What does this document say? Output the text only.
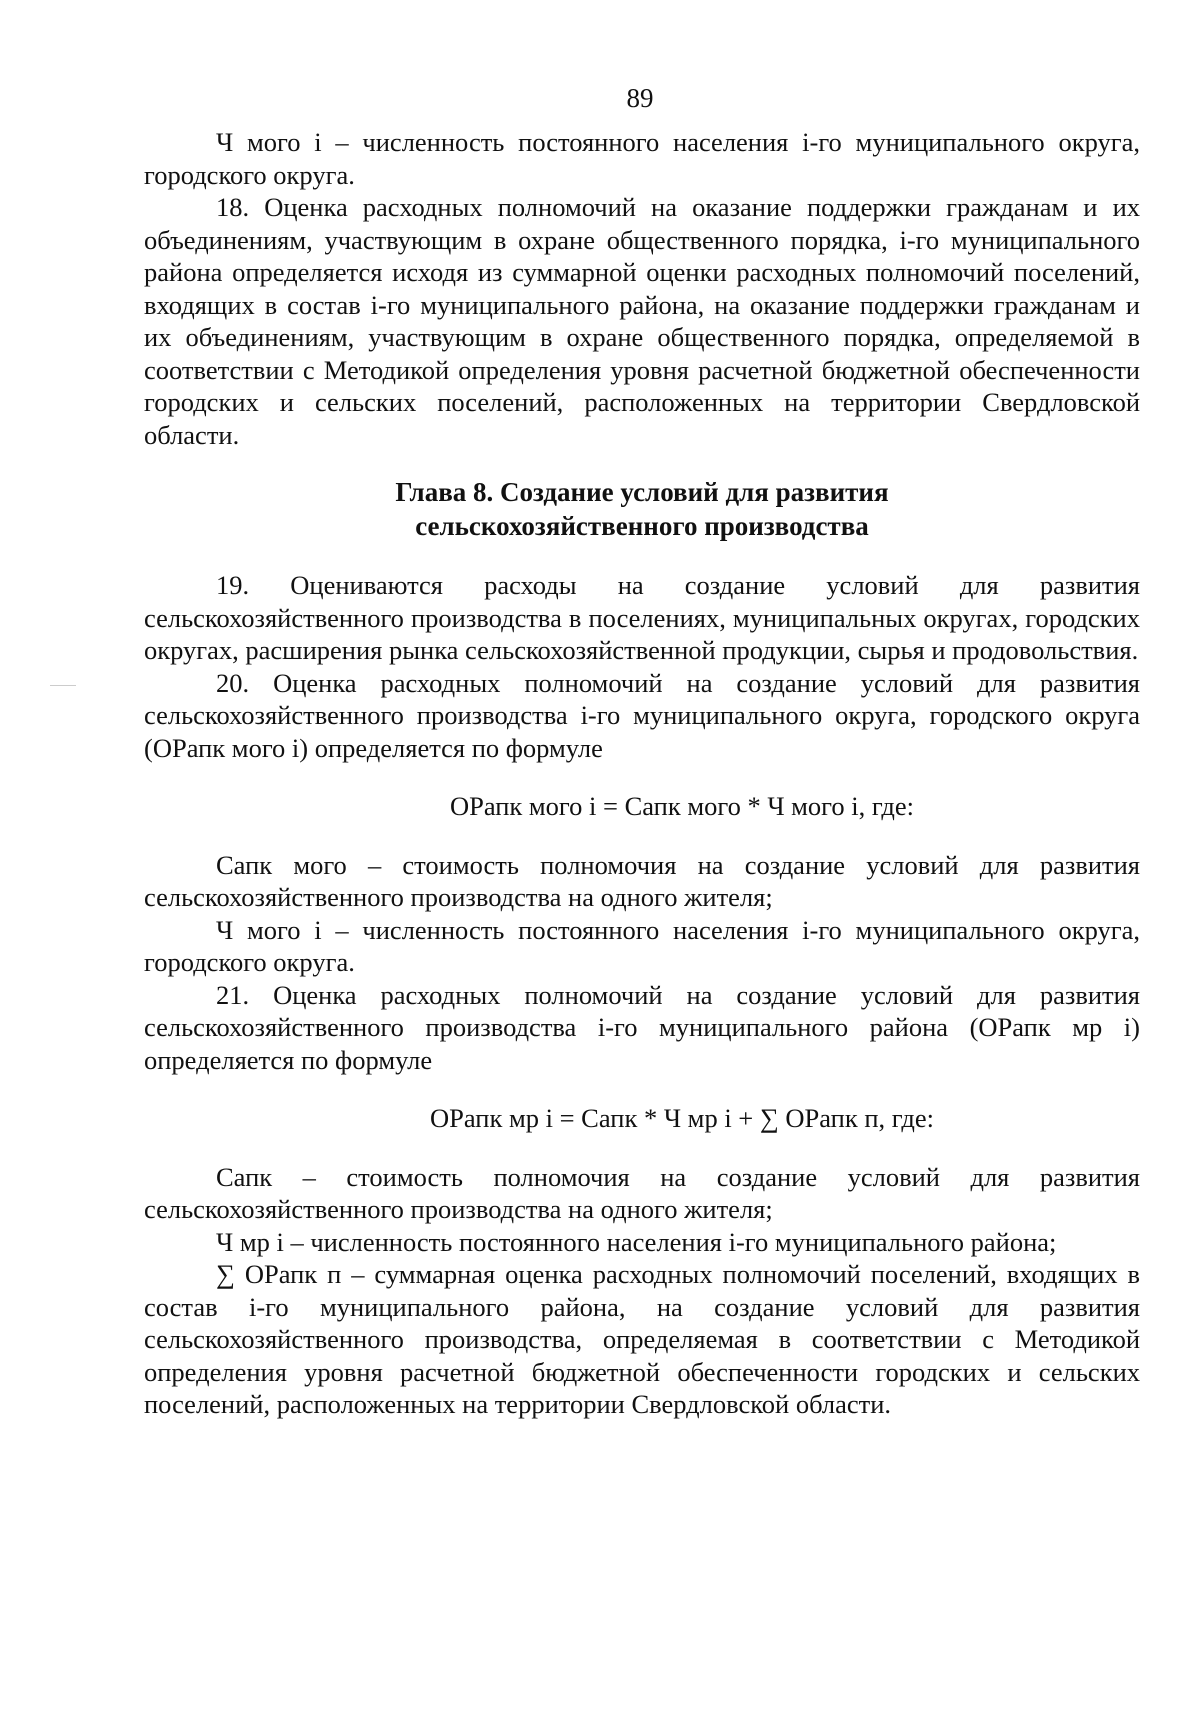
89

Ч мого i – численность постоянного населения i-го муниципального округа, городского округа.

18. Оценка расходных полномочий на оказание поддержки гражданам и их объединениям, участвующим в охране общественного порядка, i-го муниципального района определяется исходя из суммарной оценки расходных полномочий поселений, входящих в состав i-го муниципального района, на оказание поддержки гражданам и их объединениям, участвующим в охране общественного порядка, определяемой в соответствии с Методикой определения уровня расчетной бюджетной обеспеченности городских и сельских поселений, расположенных на территории Свердловской области.

Глава 8. Создание условий для развития
сельскохозяйственного производства

19. Оцениваются расходы на создание условий для развития сельскохозяйственного производства в поселениях, муниципальных округах, городских округах, расширения рынка сельскохозяйственной продукции, сырья и продовольствия.

20. Оценка расходных полномочий на создание условий для развития сельскохозяйственного производства i-го муниципального округа, городского округа (ОРапк мого i) определяется по формуле

ОРапк мого i = Сапк мого * Ч мого i, где:

Сапк мого – стоимость полномочия на создание условий для развития сельскохозяйственного производства на одного жителя;

Ч мого i – численность постоянного населения i-го муниципального округа, городского округа.

21. Оценка расходных полномочий на создание условий для развития сельскохозяйственного производства i-го муниципального района (ОРапк мр i) определяется по формуле

ОРапк мр i = Сапк * Ч мр i + ∑ ОРапк п, где:

Сапк – стоимость полномочия на создание условий для развития сельскохозяйственного производства на одного жителя;

Ч мр i – численность постоянного населения i-го муниципального района;

∑ ОРапк п – суммарная оценка расходных полномочий поселений, входящих в состав i-го муниципального района, на создание условий для развития сельскохозяйственного производства, определяемая в соответствии с Методикой определения уровня расчетной бюджетной обеспеченности городских и сельских поселений, расположенных на территории Свердловской области.
